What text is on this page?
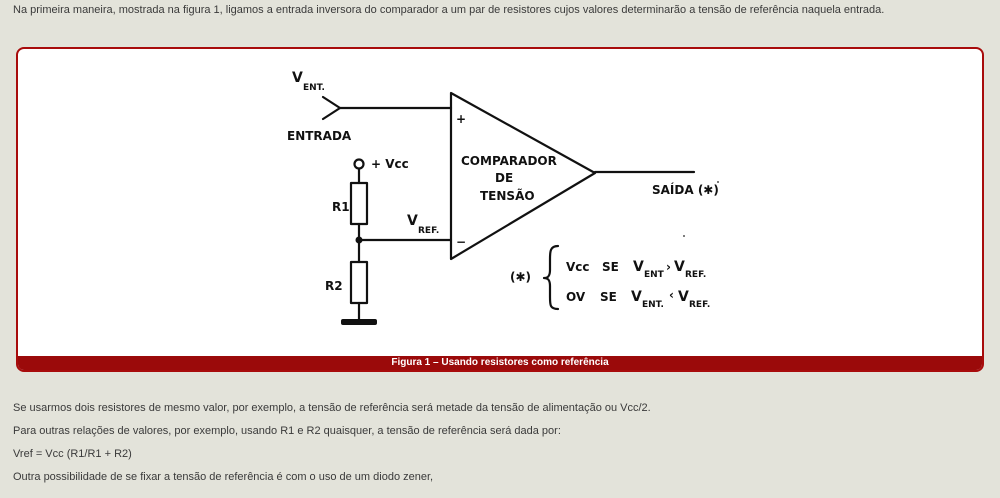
Na primeira maneira, mostrada na figura 1, ligamos a entrada inversora do comparador a um par de resistores cujos valores determinarão a tensão de referência naquela entrada.

V
ENT.
ENTRADA
+ Vcc
R1
R2
V
REF.
+
−
COMPARADOR
DE
TENSÃO	SAÍDA (✱)
(✱)
Vcc SE V ENT
› V REF.
OV SE V ENT.
‹ V REF.
Figura 1 – Usando resistores como referência

Se usarmos dois resistores de mesmo valor, por exemplo, a tensão de referência será metade da tensão de alimentação ou Vcc/2.

Para outras relações de valores, por exemplo, usando R1 e R2 quaisquer, a tensão de referência será dada por:

Vref = Vcc (R1/R1 + R2)

Outra possibilidade de se fixar a tensão de referência é com o uso de um diodo zener,
